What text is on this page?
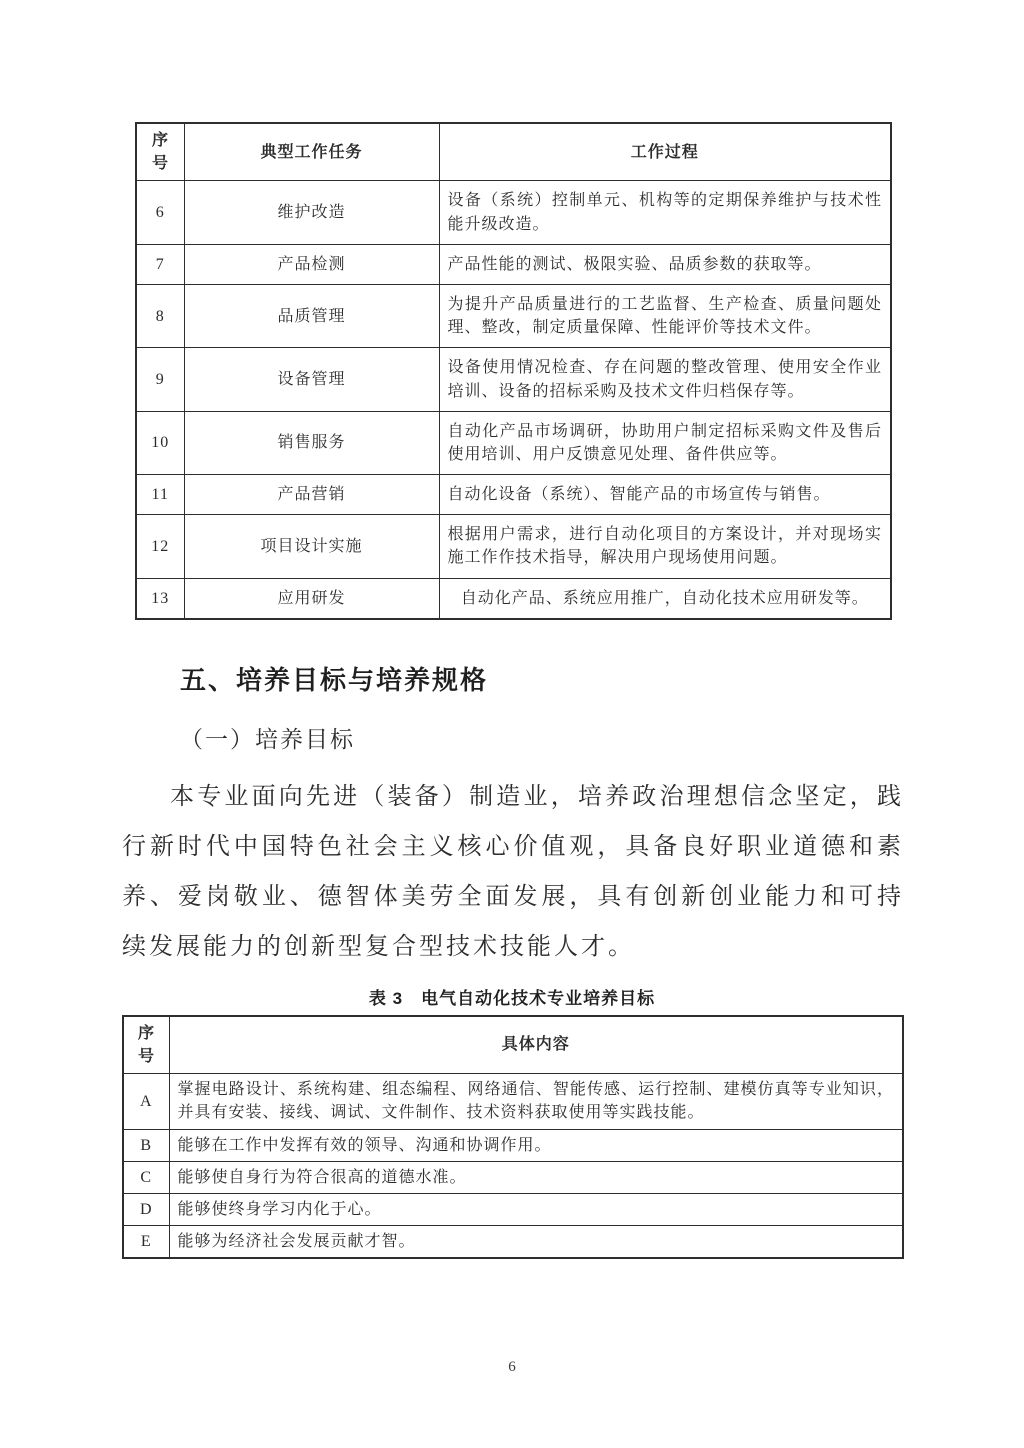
序号	典型工作任务	工作过程
6	维护改造	设备（系统）控制单元、机构等的定期保养维护与技术性能升级改造。
7	产品检测	产品性能的测试、极限实验、品质参数的获取等。
8	品质管理	为提升产品质量进行的工艺监督、生产检查、质量问题处理、整改，制定质量保障、性能评价等技术文件。
9	设备管理	设备使用情况检查、存在问题的整改管理、使用安全作业培训、设备的招标采购及技术文件归档保存等。
10	销售服务	自动化产品市场调研，协助用户制定招标采购文件及售后使用培训、用户反馈意见处理、备件供应等。
11	产品营销	自动化设备（系统）、智能产品的市场宣传与销售。
12	项目设计实施	根据用户需求，进行自动化项目的方案设计，并对现场实施工作作技术指导，解决用户现场使用问题。
13	应用研发	自动化产品、系统应用推广，自动化技术应用研发等。
五、培养目标与培养规格
（一）培养目标

本专业面向先进（装备）制造业，培养政治理想信念坚定，践行新时代中国特色社会主义核心价值观，具备良好职业道德和素养、爱岗敬业、德智体美劳全面发展，具有创新创业能力和可持续发展能力的创新型复合型技术技能人才。

表 3　电气自动化技术专业培养目标
序号	具体内容
A	掌握电路设计、系统构建、组态编程、网络通信、智能传感、运行控制、建模仿真等专业知识，并具有安装、接线、调试、文件制作、技术资料获取使用等实践技能。
B	能够在工作中发挥有效的领导、沟通和协调作用。
C	能够使自身行为符合很高的道德水准。
D	能够使终身学习内化于心。
E	能够为经济社会发展贡献才智。
6
